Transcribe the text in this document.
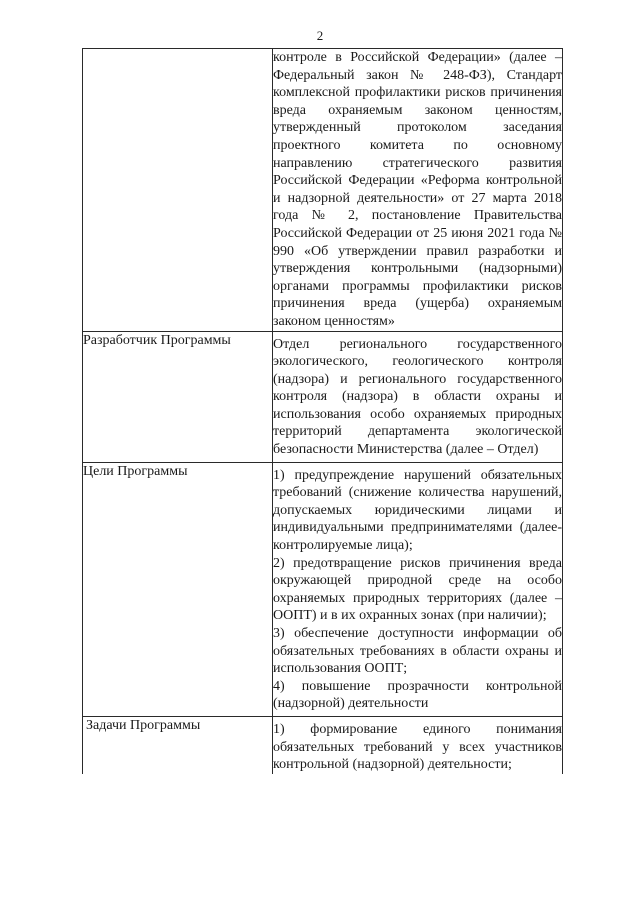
2

	контроле в Российской Федерации» (далее – Федеральный закон № 248-ФЗ), Стандарт комплексной профилактики рисков причинения вреда охраняемым законом ценностям, утвержденный протоколом заседания проектного комитета по основному направлению стратегического развития Российской Федерации «Реформа контрольной и надзорной деятельности» от 27 марта 2018 года № 2, постановление Правительства Российской Федерации от 25 июня 2021 года № 990 «Об утверждении правил разработки и утверждения контрольными (надзорными) органами программы профилактики рисков причинения вреда (ущерба) охраняемым законом ценностям»

Разработчик Программы	Отдел регионального государственного экологического, геологического контроля (надзора) и регионального государственного контроля (надзора) в области охраны и использования особо охраняемых природных территорий департамента экологической безопасности Министерства (далее – Отдел)

Цели Программы	1) предупреждение нарушений обязательных требований (снижение количества нарушений, допускаемых юридическими лицами и индивидуальными предпринимателями (далее- контролируемые лица);
2) предотвращение рисков причинения вреда окружающей природной среде на особо охраняемых природных территориях (далее – ООПТ) и в их охранных зонах (при наличии);
3) обеспечение доступности информации об обязательных требованиях в области охраны и использования ООПТ;
4) повышение прозрачности контрольной (надзорной) деятельности

Задачи Программы	1) формирование единого понимания обязательных требований у всех участников контрольной (надзорной) деятельности;
